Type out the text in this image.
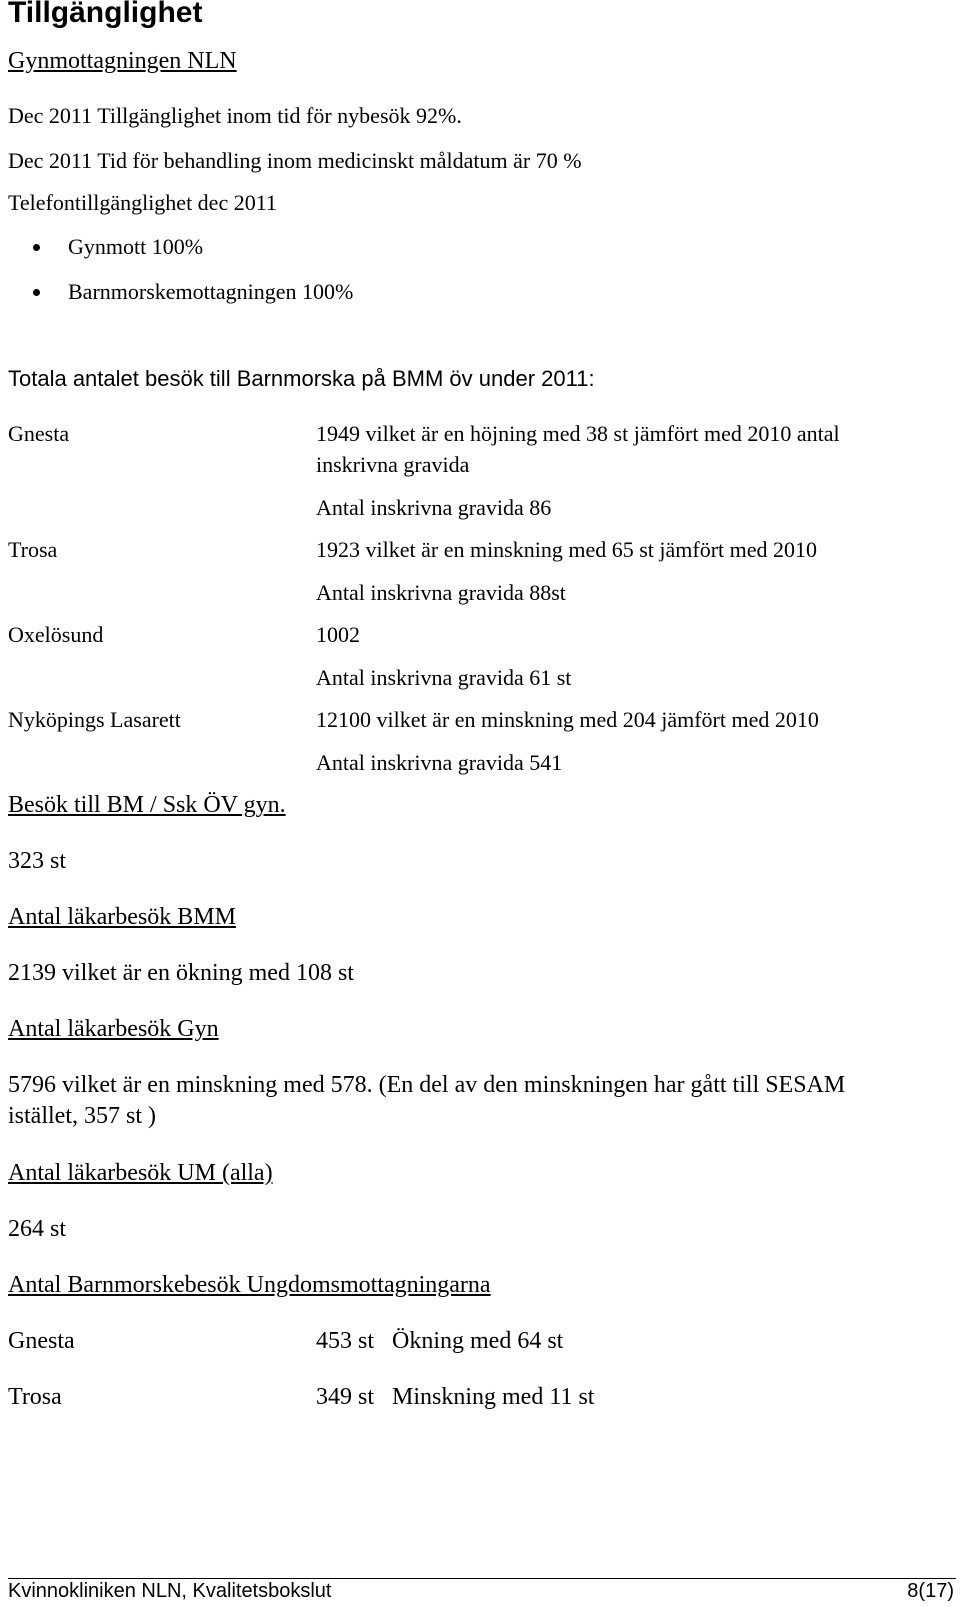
Tillgänglighet
Gynmottagningen NLN
Dec 2011 Tillgänglighet inom tid för nybesök 92%.
Dec 2011 Tid för behandling inom medicinskt måldatum är 70 %
Telefontillgänglighet dec 2011
Gynmott 100%
Barnmorskemottagningen 100%
Totala antalet besök till Barnmorska på BMM öv under 2011:
Gnesta	1949 vilket är en höjning med 38 st jämfört med 2010 antal
inskrivna gravida
Antal inskrivna gravida 86
Trosa	1923 vilket är en minskning med 65 st jämfört med 2010
Antal inskrivna gravida 88st
Oxelösund	1002
Antal inskrivna gravida 61 st
Nyköpings Lasarett	12100 vilket är en minskning med 204 jämfört med 2010
Antal inskrivna gravida 541
Besök till BM / Ssk ÖV gyn.
323 st
Antal läkarbesök BMM
2139 vilket är en ökning med 108 st
Antal läkarbesök Gyn
5796 vilket är en minskning med 578. (En del av den minskningen har gått till SESAM
istället, 357 st )
Antal läkarbesök UM (alla)
264 st
Antal Barnmorskebesök Ungdomsmottagningarna
Gnesta	453 st Ökning med 64 st
Trosa	349 st Minskning med 11 st
Kvinnokliniken NLN, Kvalitetsbokslut	8(17)
